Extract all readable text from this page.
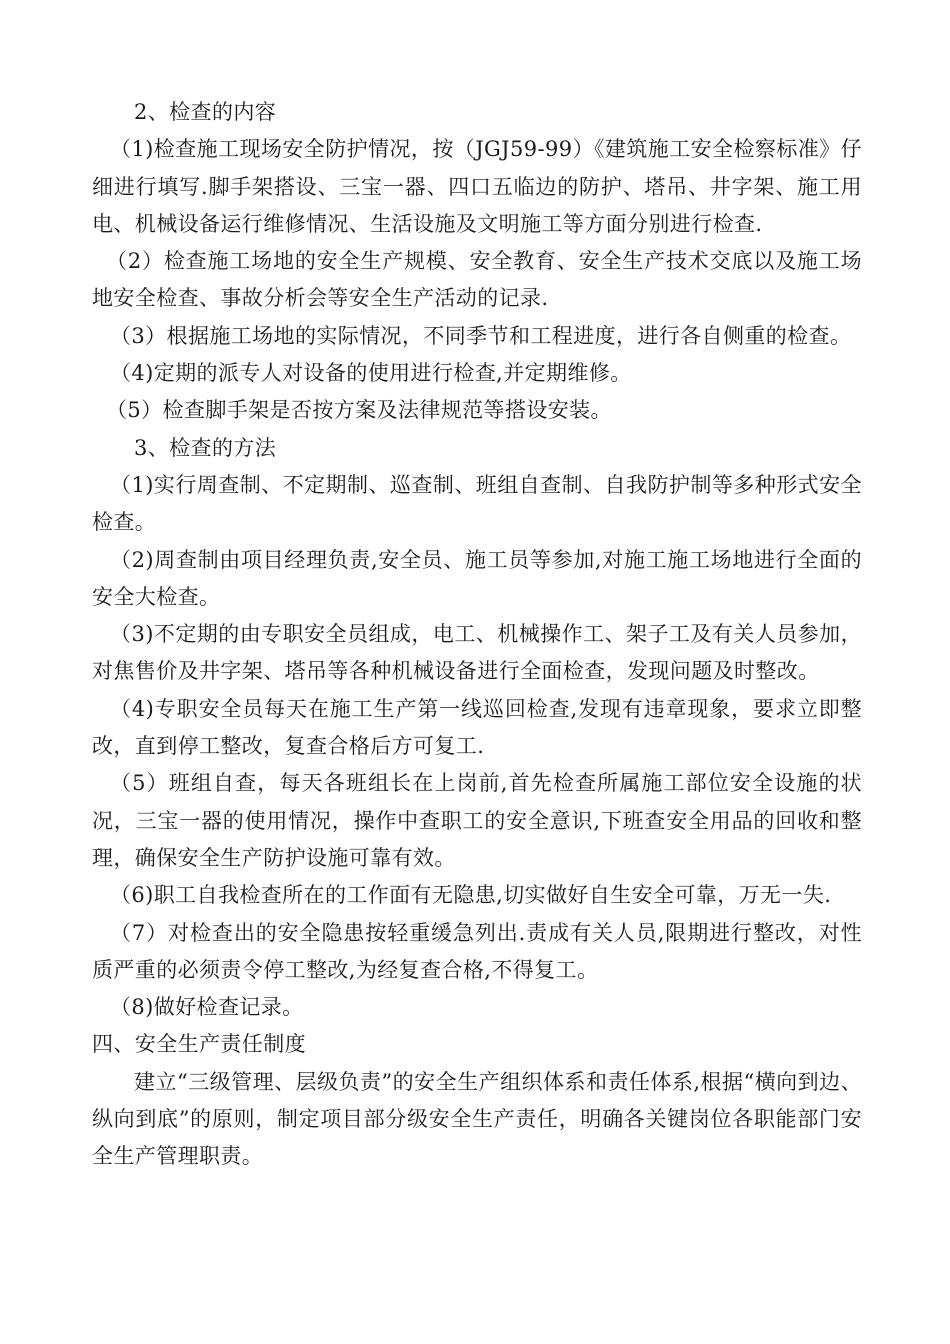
2、检查的内容

（1)检查施工现场安全防护情况，按（JGJ59-99）《建筑施工安全检察标准》仔细进行填写.脚手架搭设、三宝一器、四口五临边的防护、塔吊、井字架、施工用电、机械设备运行维修情况、生活设施及文明施工等方面分别进行检查.

（2）检查施工场地的安全生产规模、安全教育、安全生产技术交底以及施工场地安全检查、事故分析会等安全生产活动的记录.

（3）根据施工场地的实际情况，不同季节和工程进度，进行各自侧重的检查。

（4)定期的派专人对设备的使用进行检查,并定期维修。

（5）检查脚手架是否按方案及法律规范等搭设安装。

3、检查的方法

（1)实行周查制、不定期制、巡查制、班组自查制、自我防护制等多种形式安全检查。

（2)周查制由项目经理负责,安全员、施工员等参加,对施工施工场地进行全面的安全大检查。

（3)不定期的由专职安全员组成，电工、机械操作工、架子工及有关人员参加，对焦售价及井字架、塔吊等各种机械设备进行全面检查，发现问题及时整改。

（4)专职安全员每天在施工生产第一线巡回检查,发现有违章现象，要求立即整改，直到停工整改，复查合格后方可复工.

（5）班组自查，每天各班组长在上岗前,首先检查所属施工部位安全设施的状况，三宝一器的使用情况，操作中查职工的安全意识,下班查安全用品的回收和整理，确保安全生产防护设施可靠有效。

（6)职工自我检查所在的工作面有无隐患,切实做好自生安全可靠，万无一失.

（7）对检查出的安全隐患按轻重缓急列出.责成有关人员,限期进行整改，对性质严重的必须责令停工整改,为经复查合格,不得复工。

（8)做好检查记录。

四、安全生产责任制度

建立“三级管理、层级负责”的安全生产组织体系和责任体系,根据“横向到边、纵向到底”的原则，制定项目部分级安全生产责任，明确各关键岗位各职能部门安全生产管理职责。
